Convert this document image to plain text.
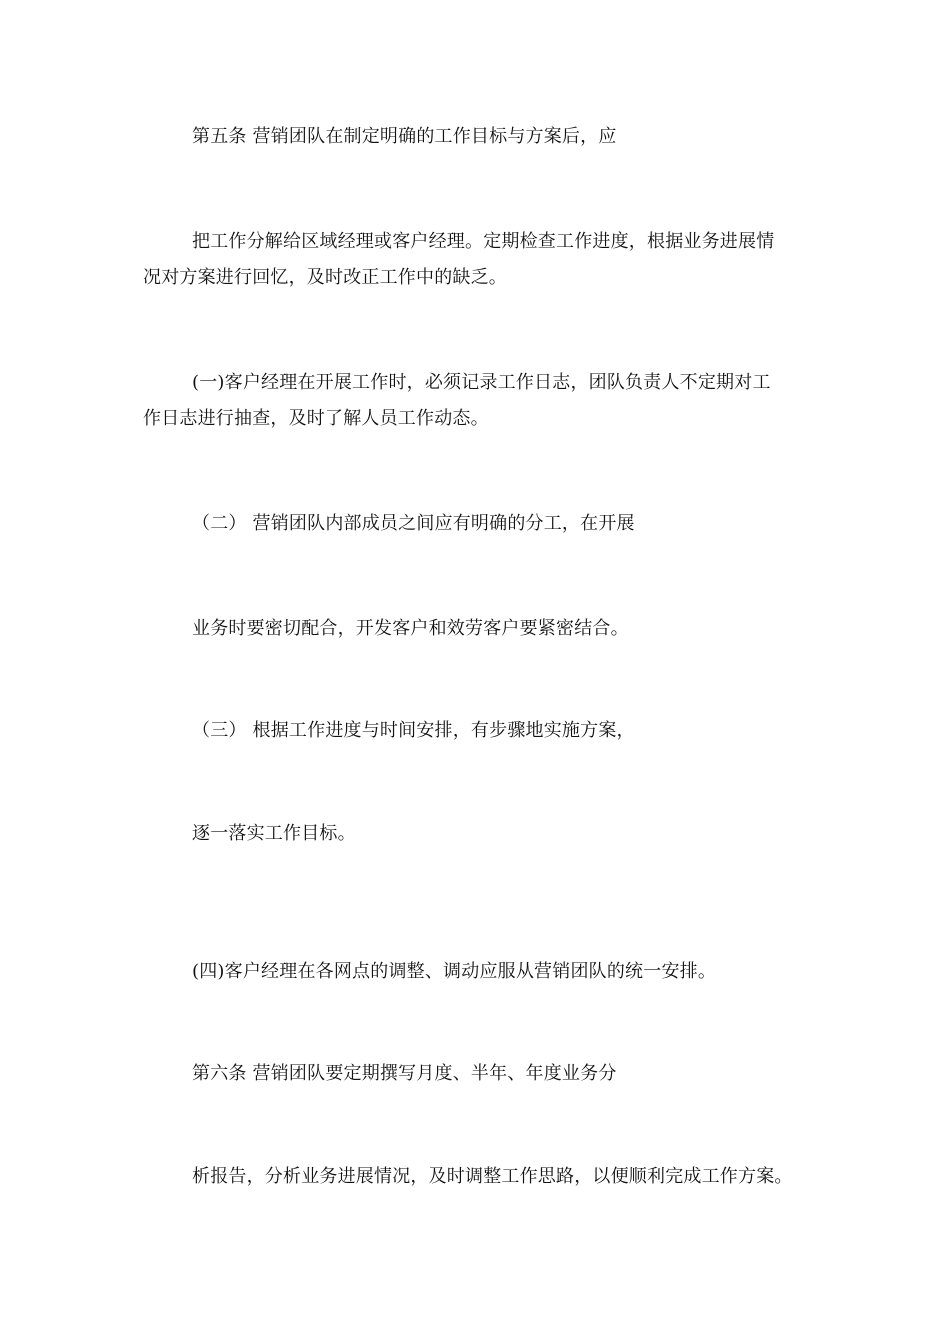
第五条 营销团队在制定明确的工作目标与方案后，应
把工作分解给区域经理或客户经理。定期检查工作进度，根据业务进展情
况对方案进行回忆，及时改正工作中的缺乏。
(一)客户经理在开展工作时，必须记录工作日志，团队负责人不定期对工
作日志进行抽查，及时了解人员工作动态。
（二） 营销团队内部成员之间应有明确的分工，在开展
业务时要密切配合，开发客户和效劳客户要紧密结合。
（三） 根据工作进度与时间安排，有步骤地实施方案，
逐一落实工作目标。
(四)客户经理在各网点的调整、调动应服从营销团队的统一安排。
第六条 营销团队要定期撰写月度、半年、年度业务分
析报告，分析业务进展情况，及时调整工作思路，以便顺利完成工作方案。
